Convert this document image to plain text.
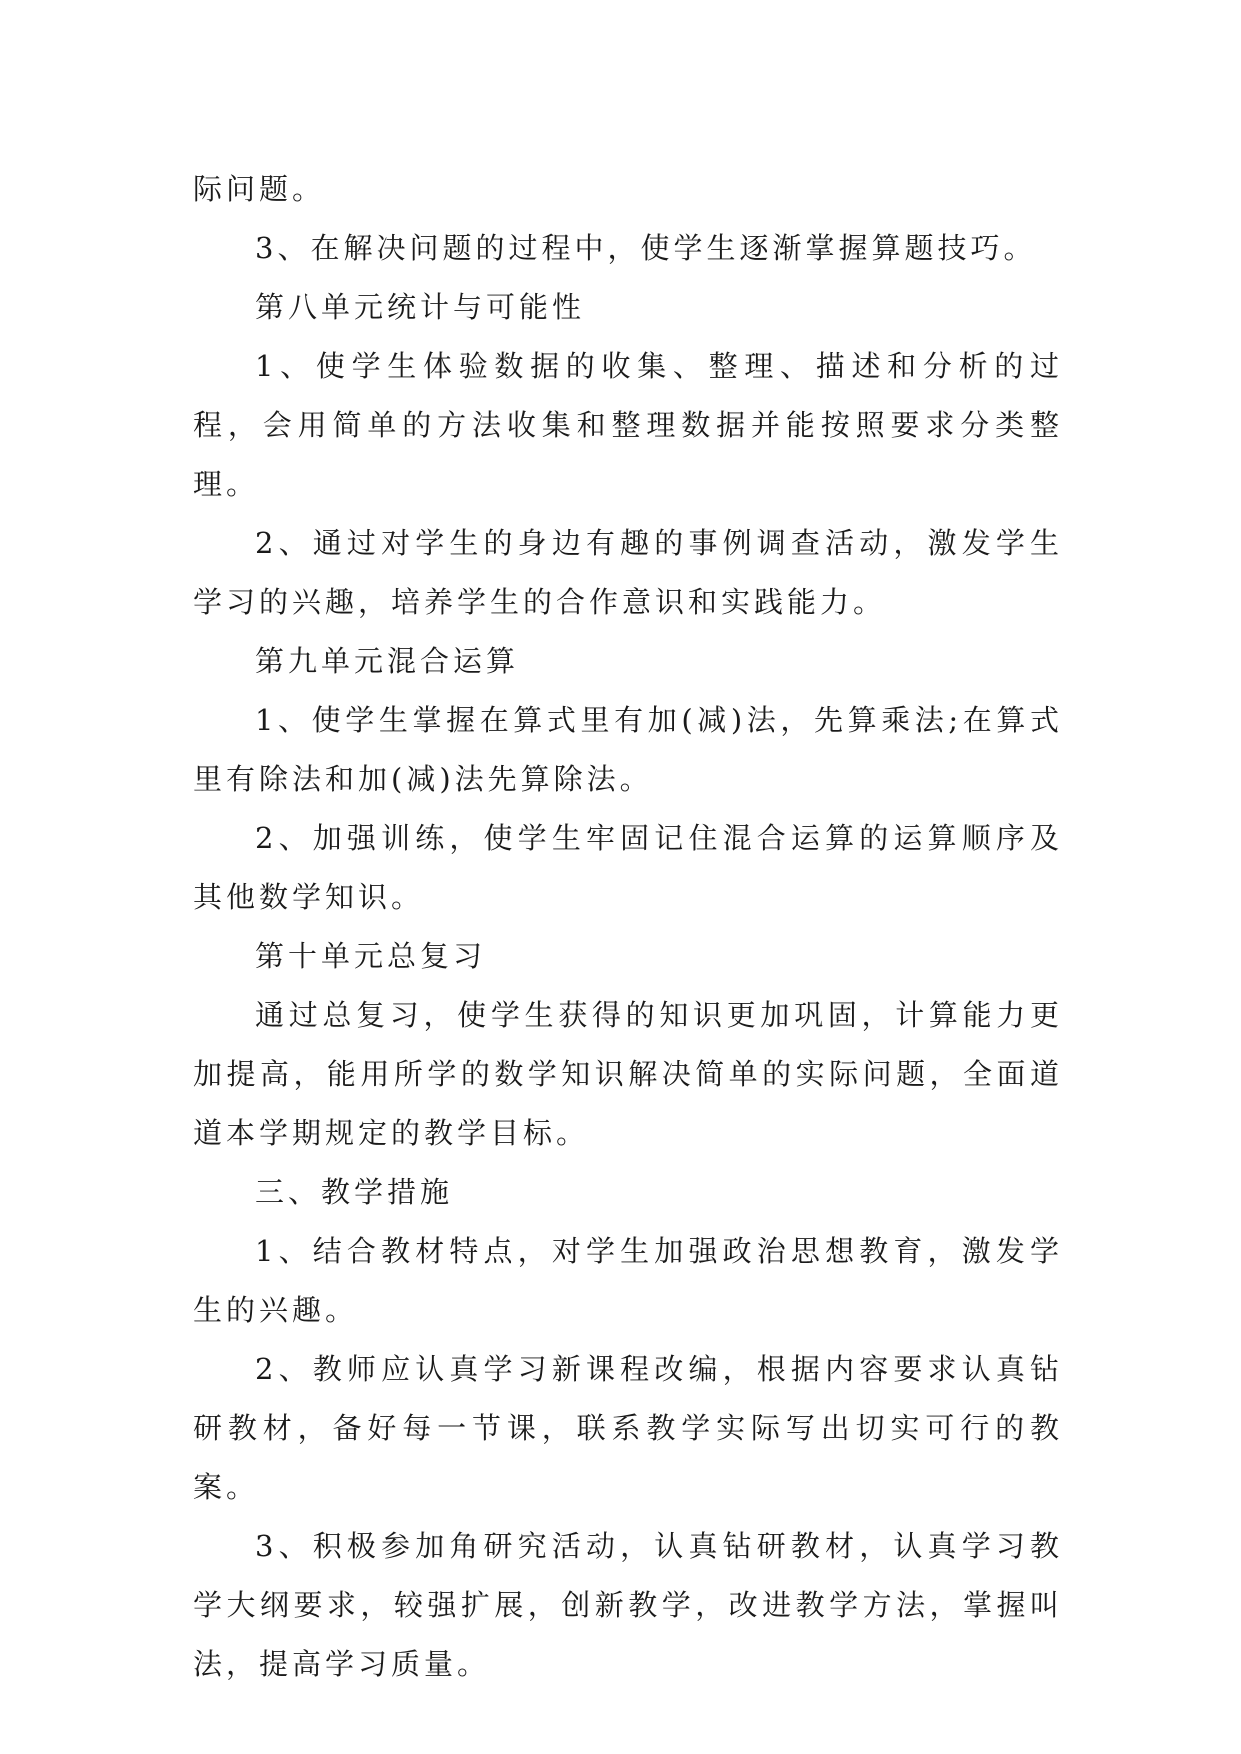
际问题。

3、在解决问题的过程中，使学生逐渐掌握算题技巧。

第八单元统计与可能性

1、使学生体验数据的收集、整理、描述和分析的过程，会用简单的方法收集和整理数据并能按照要求分类整理。

2、通过对学生的身边有趣的事例调查活动，激发学生学习的兴趣，培养学生的合作意识和实践能力。

第九单元混合运算

1、使学生掌握在算式里有加(减)法，先算乘法;在算式里有除法和加(减)法先算除法。

2、加强训练，使学生牢固记住混合运算的运算顺序及其他数学知识。

第十单元总复习

通过总复习，使学生获得的知识更加巩固，计算能力更加提高，能用所学的数学知识解决简单的实际问题，全面道道本学期规定的教学目标。

三、教学措施

1、结合教材特点，对学生加强政治思想教育，激发学生的兴趣。

2、教师应认真学习新课程改编，根据内容要求认真钻研教材，备好每一节课，联系教学实际写出切实可行的教案。

3、积极参加角研究活动，认真钻研教材，认真学习教学大纲要求，较强扩展，创新教学，改进教学方法，掌握叫法，提高学习质量。
